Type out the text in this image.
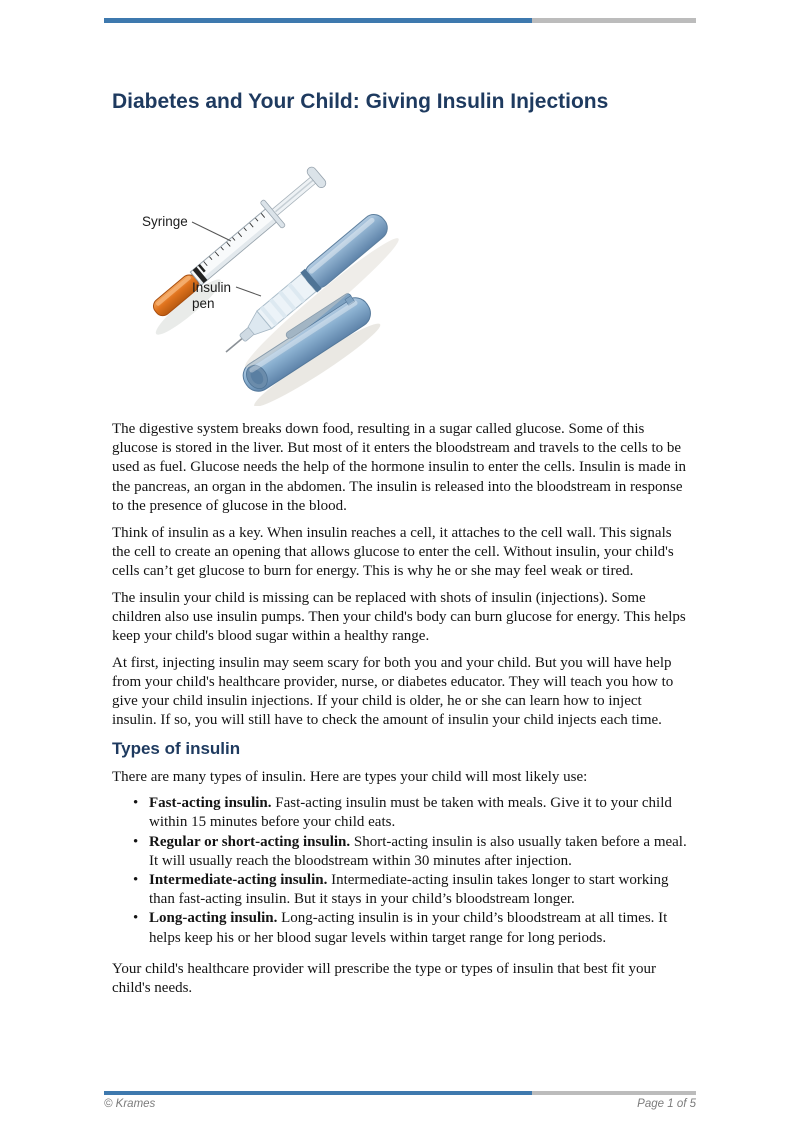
Diabetes and Your Child: Giving Insulin Injections
Syringe
Insulin
pen

The digestive system breaks down food, resulting in a sugar called glucose. Some of this glucose is stored in the liver. But most of it enters the bloodstream and travels to the cells to be used as fuel. Glucose needs the help of the hormone insulin to enter the cells. Insulin is made in the pancreas, an organ in the abdomen. The insulin is released into the bloodstream in response to the presence of glucose in the blood.

Think of insulin as a key. When insulin reaches a cell, it attaches to the cell wall. This signals the cell to create an opening that allows glucose to enter the cell. Without insulin, your child's cells can’t get glucose to burn for energy. This is why he or she may feel weak or tired.

The insulin your child is missing can be replaced with shots of insulin (injections). Some children also use insulin pumps. Then your child's body can burn glucose for energy. This helps keep your child's blood sugar within a healthy range.

At first, injecting insulin may seem scary for both you and your child. But you will have help from your child's healthcare provider, nurse, or diabetes educator. They will teach you how to give your child insulin injections. If your child is older, he or she can learn how to inject insulin. If so, you will still have to check the amount of insulin your child injects each time.

Types of insulin

There are many types of insulin. Here are types your child will most likely use:

• Fast-acting insulin. Fast-acting insulin must be taken with meals. Give it to your child within 15 minutes before your child eats.
• Regular or short-acting insulin. Short-acting insulin is also usually taken before a meal. It will usually reach the bloodstream within 30 minutes after injection.
• Intermediate-acting insulin. Intermediate-acting insulin takes longer to start working than fast-acting insulin. But it stays in your child’s bloodstream longer.
• Long-acting insulin. Long-acting insulin is in your child’s bloodstream at all times. It helps keep his or her blood sugar levels within target range for long periods.

Your child's healthcare provider will prescribe the type or types of insulin that best fit your child's needs.

© Krames	Page 1 of 5
